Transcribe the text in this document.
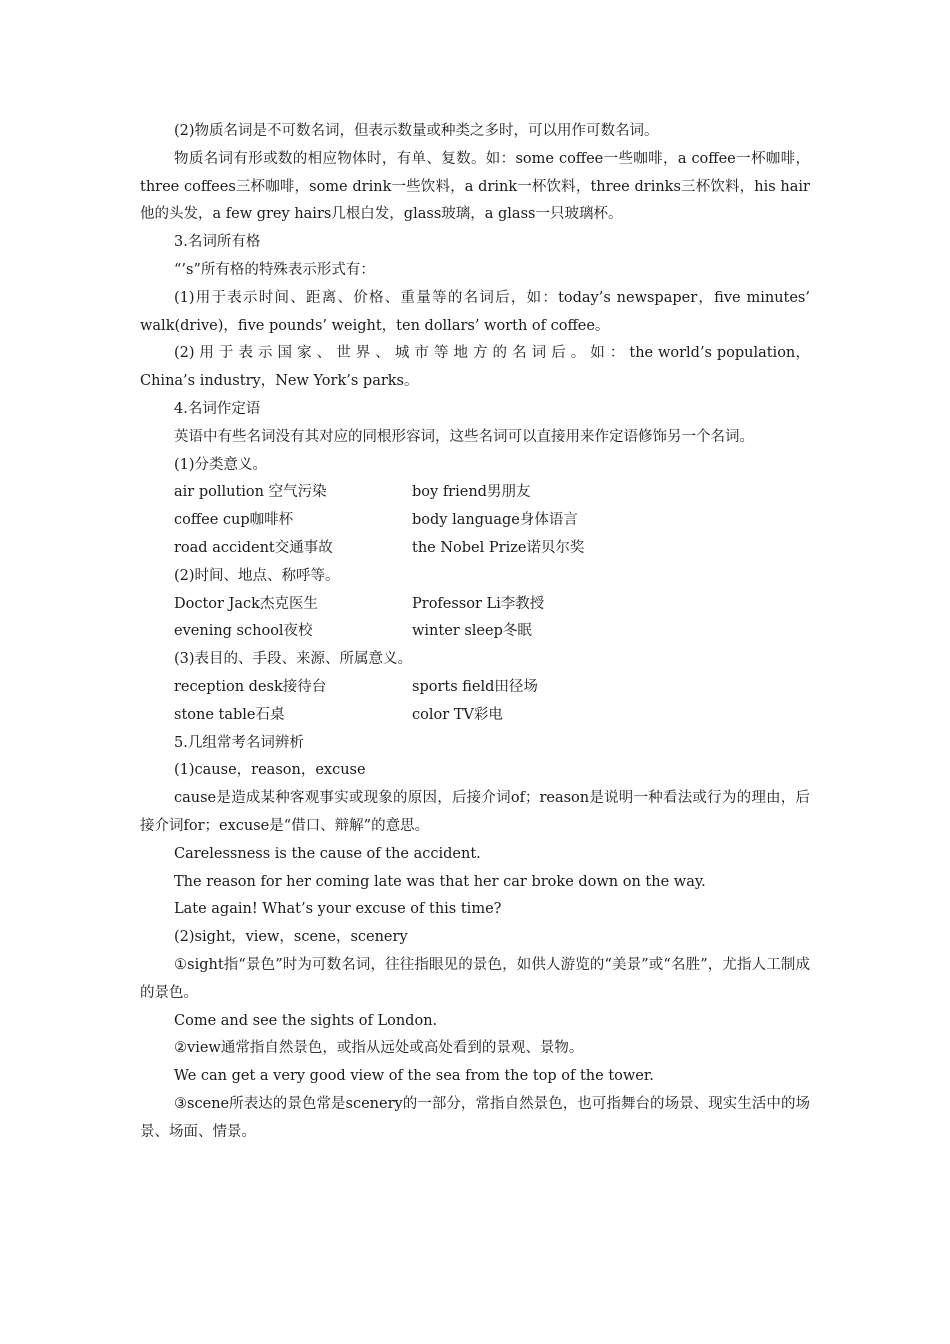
(2)物质名词是不可数名词，但表示数量或种类之多时，可以用作可数名词。

物质名词有形或数的相应物体时，有单、复数。如：some coffee一些咖啡，a coffee一杯咖啡，three coffees三杯咖啡，some drink一些饮料，a drink一杯饮料，three drinks三杯饮料，his hair他的头发，a few grey hairs几根白发，glass玻璃，a glass一只玻璃杯。

3.名词所有格

“’s”所有格的特殊表示形式有：

(1)用于表示时间、距离、价格、重量等的名词后，如：today’s newspaper，five minutes’ walk(drive)，five pounds’ weight，ten dollars’ worth of coffee。

(2) 用 于 表 示 国 家 、 世 界 、 城 市 等 地 方 的 名 词 后 。 如 ： the world’s population，China’s industry，New York’s parks。

4.名词作定语

英语中有些名词没有其对应的同根形容词，这些名词可以直接用来作定语修饰另一个名词。

(1)分类意义。

air pollution 空气污染	boy friend男朋友
coffee cup咖啡杯	body language身体语言
road accident交通事故	the Nobel Prize诺贝尔奖

(2)时间、地点、称呼等。

Doctor Jack杰克医生	Professor Li李教授
evening school夜校	winter sleep冬眠

(3)表目的、手段、来源、所属意义。

reception desk接待台	sports field田径场
stone table石桌	color TV彩电

5.几组常考名词辨析

(1)cause，reason，excuse

cause是造成某种客观事实或现象的原因，后接介词of；reason是说明一种看法或行为的理由，后接介词for；excuse是“借口、辩解”的意思。

Carelessness is the cause of the accident.

The reason for her coming late was that her car broke down on the way.

Late again! What’s your excuse of this time?

(2)sight，view，scene，scenery

①sight指“景色”时为可数名词，往往指眼见的景色，如供人游览的“美景”或“名胜”，尤指人工制成的景色。

Come and see the sights of London.

②view通常指自然景色，或指从远处或高处看到的景观、景物。

We can get a very good view of the sea from the top of the tower.

③scene所表达的景色常是scenery的一部分，常指自然景色，也可指舞台的场景、现实生活中的场景、场面、情景。
